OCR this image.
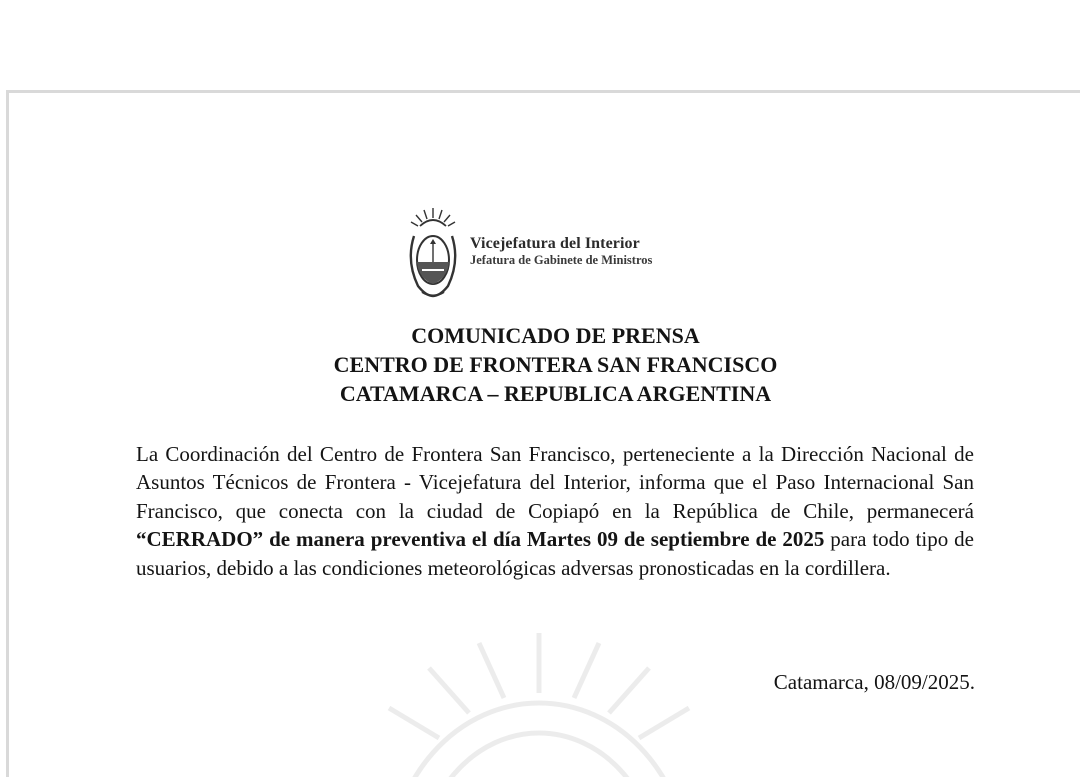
Vicejefatura del Interior
Jefatura de Gabinete de Ministros
COMUNICADO DE PRENSA
CENTRO DE FRONTERA SAN FRANCISCO
CATAMARCA – REPUBLICA ARGENTINA
La Coordinación del Centro de Frontera San Francisco, perteneciente a la Dirección Nacional de Asuntos Técnicos de Frontera - Vicejefatura del Interior, informa que el Paso Internacional San Francisco, que conecta con la ciudad de Copiapó en la República de Chile, permanecerá “CERRADO” de manera preventiva el día Martes 09 de septiembre de 2025 para todo tipo de usuarios, debido a las condiciones meteorológicas adversas pronosticadas en la cordillera.
Catamarca, 08/09/2025.
